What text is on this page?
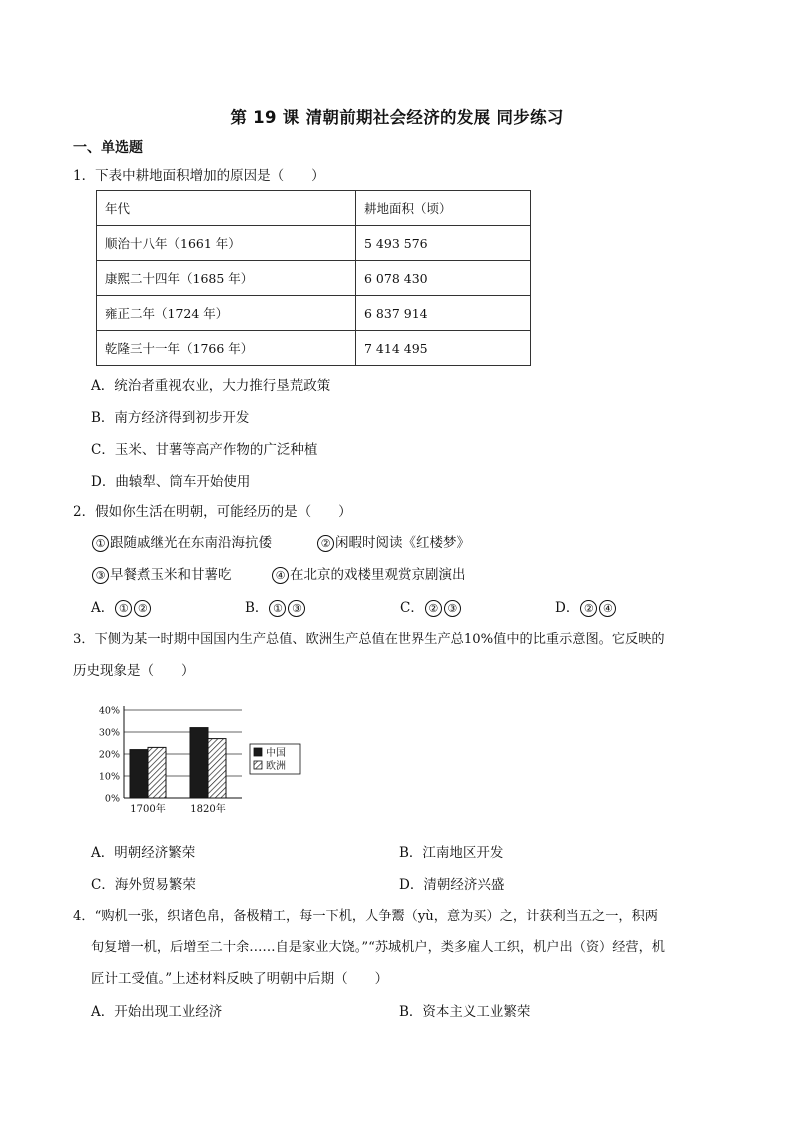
第 19 课 清朝前期社会经济的发展 同步练习
一、单选题
1．下表中耕地面积增加的原因是（　　）
年代	耕地面积（顷）
顺治十八年（1661 年）	5 493 576
康熙二十四年（1685 年）	6 078 430
雍正二年（1724 年）	6 837 914
乾隆三十一年（1766 年）	7 414 495
A．统治者重视农业，大力推行垦荒政策
B．南方经济得到初步开发
C．玉米、甘薯等高产作物的广泛种植
D．曲辕犁、筒车开始使用
2．假如你生活在明朝，可能经历的是（　　）
① 跟随戚继光在东南沿海抗倭	② 闲暇时阅读《红楼梦》
③ 早餐煮玉米和甘薯吃	④ 在北京的戏楼里观赏京剧演出
A． ① ②	B． ① ③	C． ② ③	D． ② ④
3．下侧为某一时期中国国内生产总值、欧洲生产总值在世界生产总10%值中的比重示意图。它反映的
历史现象是（　　）
0%
10%
20%
30%
40%
1700年 1820年
中国
欧洲
A．明朝经济繁荣	B．江南地区开发
C．海外贸易繁荣	D．清朝经济兴盛
4．“购机一张，织诸色帛，备极精工，每一下机，人争鬻（yù，意为买）之，计获利当五之一，积两
旬复增一机，后增至二十余……自是家业大饶。”“苏城机户，类多雇人工织，机户出（资）经营，机
匠计工受值。”上述材料反映了明朝中后期（　　）
A．开始出现工业经济	B．资本主义工业繁荣
